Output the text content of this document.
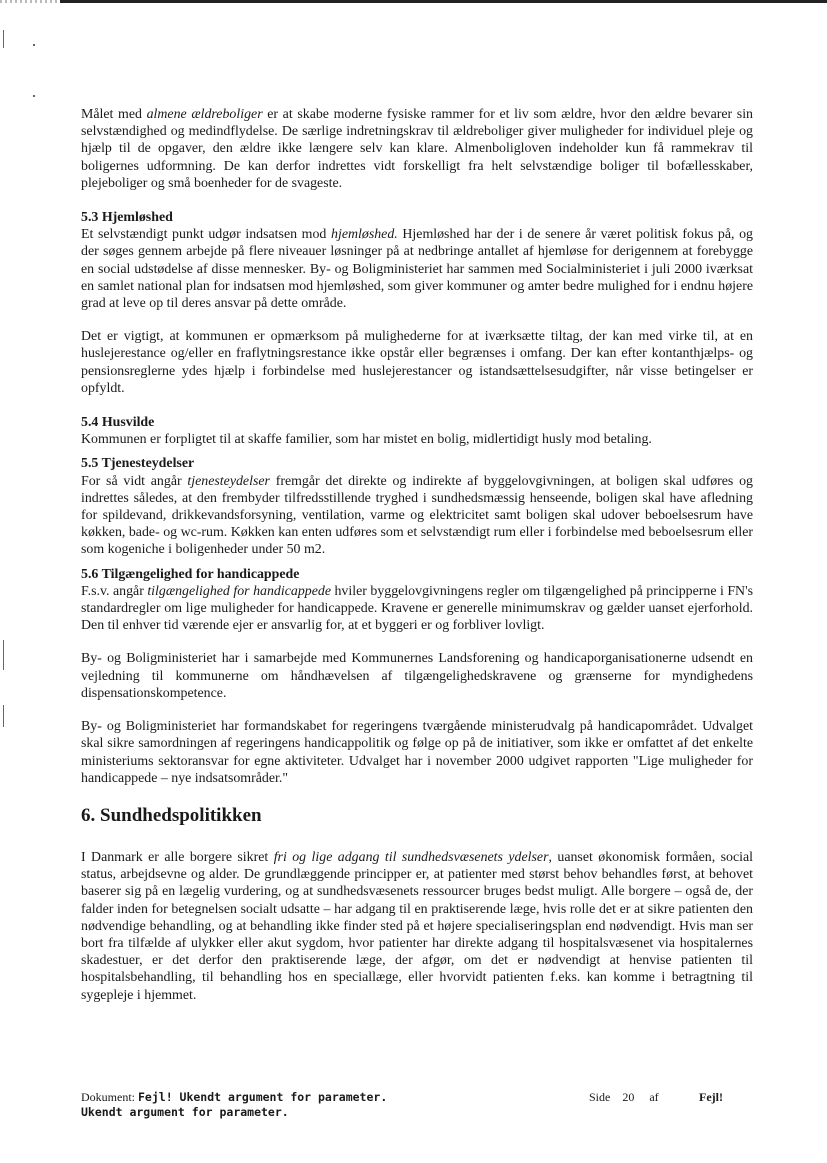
Målet med almene ældreboliger er at skabe moderne fysiske rammer for et liv som ældre, hvor den ældre bevarer sin selvstændighed og medindflydelse. De særlige indretningskrav til ældreboliger giver muligheder for individuel pleje og hjælp til de opgaver, den ældre ikke længere selv kan klare. Almenboligloven indeholder kun få rammekrav til boligernes udformning. De kan derfor indrettes vidt forskelligt fra helt selvstændige boliger til bofællesskaber, plejeboliger og små boenheder for de svageste.

5.3 Hjemløshed

Et selvstændigt punkt udgør indsatsen mod hjemløshed. Hjemløshed har der i de senere år været politisk fokus på, og der søges gennem arbejde på flere niveauer løsninger på at nedbringe antallet af hjemløse for derigennem at forebygge en social udstødelse af disse mennesker. By- og Boligministeriet har sammen med Socialministeriet i juli 2000 iværksat en samlet national plan for indsatsen mod hjemløshed, som giver kommuner og amter bedre mulighed for i endnu højere grad at leve op til deres ansvar på dette område.

Det er vigtigt, at kommunen er opmærksom på mulighederne for at iværksætte tiltag, der kan med virke til, at en huslejerestance og/eller en fraflytningsrestance ikke opstår eller begrænses i omfang. Der kan efter kontanthjælps- og pensionsreglerne ydes hjælp i forbindelse med huslejerestancer og istandsættelsesudgifter, når visse betingelser er opfyldt.

5.4 Husvilde

Kommunen er forpligtet til at skaffe familier, som har mistet en bolig, midlertidigt husly mod betaling.

5.5 Tjenesteydelser

For så vidt angår tjenesteydelser fremgår det direkte og indirekte af byggelovgivningen, at boligen skal udføres og indrettes således, at den frembyder tilfredsstillende tryghed i sundhedsmæssig henseende, boligen skal have afledning for spildevand, drikkevandsforsyning, ventilation, varme og elektricitet samt boligen skal udover beboelsesrum have køkken, bade- og wc-rum. Køkken kan enten udføres som et selvstændigt rum eller i forbindelse med beboelsesrum eller som kogeniche i boligenheder under 50 m2.

5.6 Tilgængelighed for handicappede

F.s.v. angår tilgængelighed for handicappede hviler byggelovgivningens regler om tilgængelighed på principperne i FN's standardregler om lige muligheder for handicappede. Kravene er generelle minimumskrav og gælder uanset ejerforhold. Den til enhver tid værende ejer er ansvarlig for, at et byggeri er og forbliver lovligt.

By- og Boligministeriet har i samarbejde med Kommunernes Landsforening og handicaporganisationerne udsendt en vejledning til kommunerne om håndhævelsen af tilgængelighedskravene og grænserne for myndighedens dispensationskompetence.

By- og Boligministeriet har formandskabet for regeringens tværgående ministerudvalg på handicapområdet. Udvalget skal sikre samordningen af regeringens handicappolitik og følge op på de initiativer, som ikke er omfattet af det enkelte ministeriums sektoransvar for egne aktiviteter. Udvalget har i november 2000 udgivet rapporten "Lige muligheder for handicappede – nye indsatsområder."

6. Sundhedspolitikken

I Danmark er alle borgere sikret fri og lige adgang til sundhedsvæsenets ydelser, uanset økonomisk formåen, social status, arbejdsevne og alder. De grundlæggende principper er, at patienter med størst behov behandles først, at behovet baserer sig på en lægelig vurdering, og at sundhedsvæsenets ressourcer bruges bedst muligt. Alle borgere – også de, der falder inden for betegnelsen socialt udsatte – har adgang til en praktiserende læge, hvis rolle det er at sikre patienten den nødvendige behandling, og at behandling ikke finder sted på et højere specialiseringsplan end nødvendigt. Hvis man ser bort fra tilfælde af ulykker eller akut sygdom, hvor patienter har direkte adgang til hospitalsvæsenet via hospitalernes skadestuer, er det derfor den praktiserende læge, der afgør, om det er nødvendigt at henvise patienten til hospitalsbehandling, til behandling hos en speciallæge, eller hvorvidt patienten f.eks. kan komme i betragtning til sygepleje i hjemmet.

Dokument: Fejl! Ukendt argument for parameter.
Ukendt argument for parameter.
Side 20 af	Fejl!
